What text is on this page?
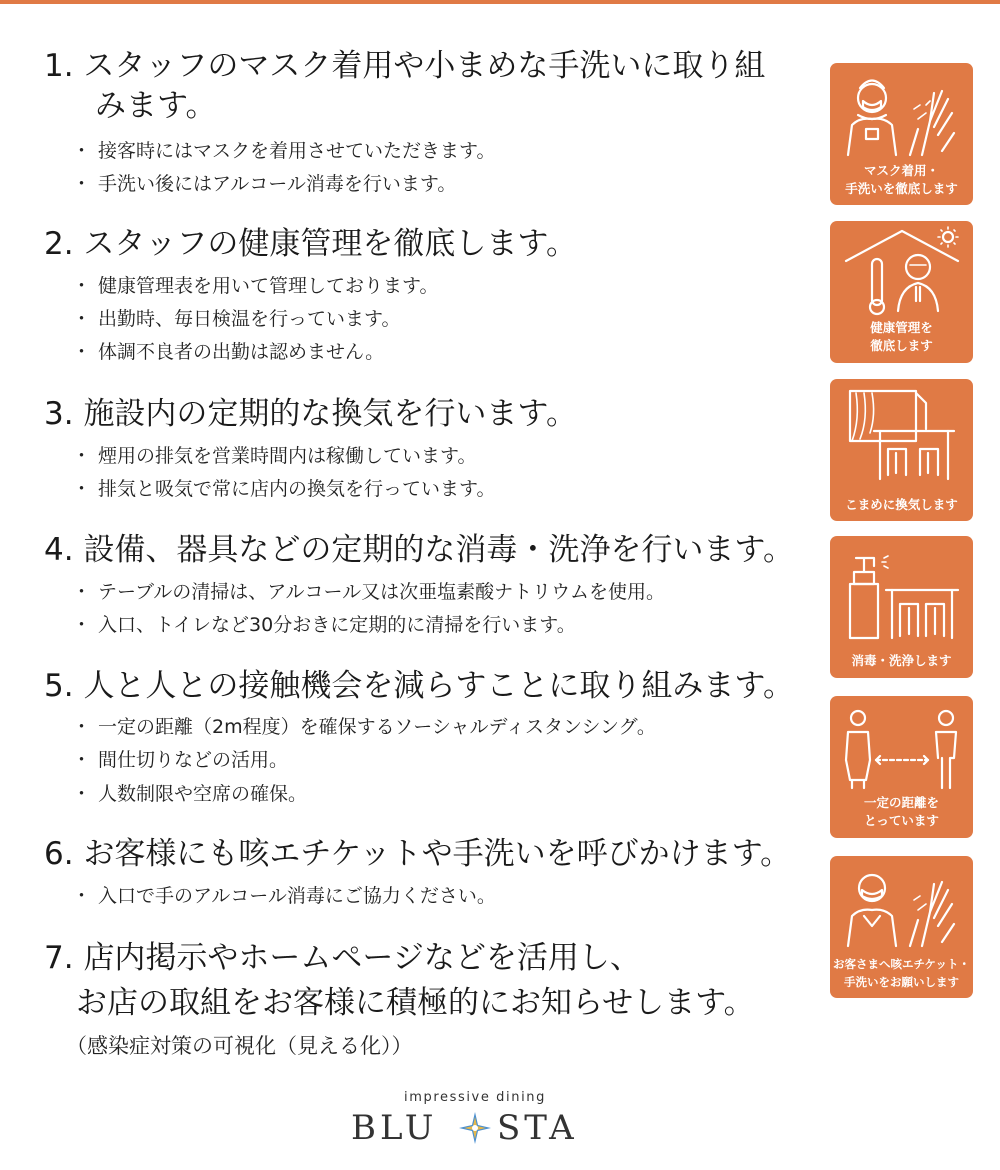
1. スタッフのマスク着用や小まめな手洗いに取り組
みます。
・ 接客時にはマスクを着用させていただきます。
・ 手洗い後にはアルコール消毒を行います。
2. スタッフの健康管理を徹底します。
・ 健康管理表を用いて管理しております。
・ 出勤時、毎日検温を行っています。
・ 体調不良者の出勤は認めません。
3. 施設内の定期的な換気を行います。
・ 煙用の排気を営業時間内は稼働しています。
・ 排気と吸気で常に店内の換気を行っています。
4. 設備、器具などの定期的な消毒・洗浄を行います。
・ テーブルの清掃は、アルコール又は次亜塩素酸ナトリウムを使用。
・ 入口、トイレなど30分おきに定期的に清掃を行います。
5. 人と人との接触機会を減らすことに取り組みます。
・ 一定の距離（2m程度）を確保するソーシャルディスタンシング。
・ 間仕切りなどの活用。
・ 人数制限や空席の確保。
6. お客様にも咳エチケットや手洗いを呼びかけます。
・ 入口で手のアルコール消毒にご協力ください。
7. 店内掲示やホームページなどを活用し、
お店の取組をお客様に積極的にお知らせします。
（感染症対策の可視化（見える化））
マスク着用・
手洗いを徹底します
健康管理を
徹底します
こまめに換気します
消毒・洗浄します
一定の距離を
とっています
お客さまへ咳エチケット・
手洗いをお願いします
impressive dining
BLU STA
